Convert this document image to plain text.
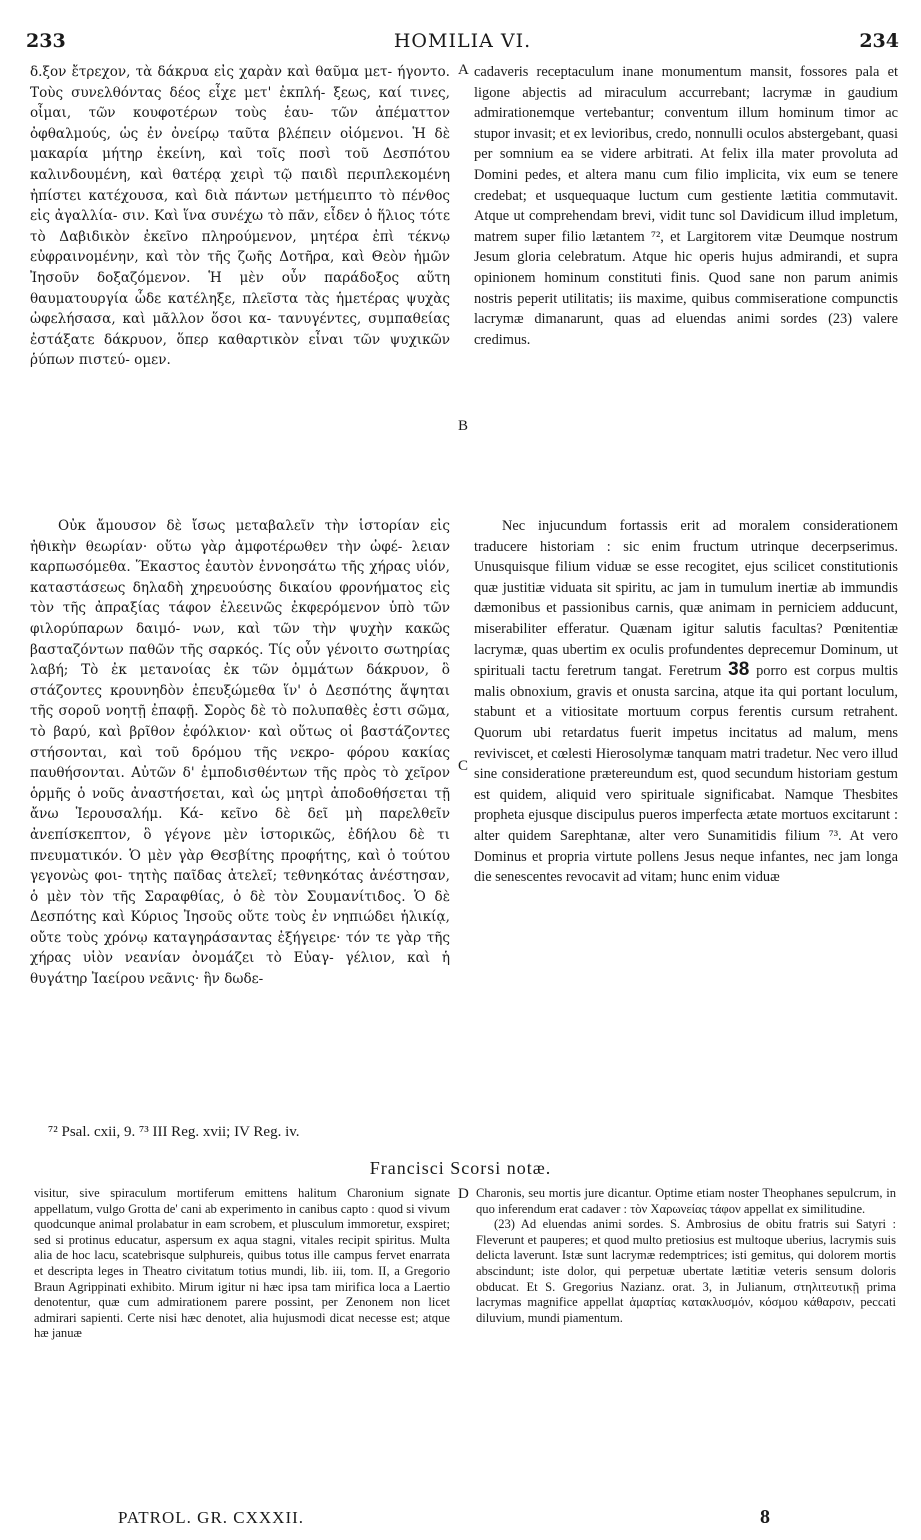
233	HOMILIA VI.	234
δ.ξον ἔτρεχον, τὰ δάκρυα εἰς χαρὰν καὶ θαῦμα μετ- ήγοντο. Τοὺς συνελθόντας δέος εἶχε μετ' ἐκπλή- ξεως, καί τινες, οἶμαι, τῶν κουφοτέρων τοὺς ἑαυ- τῶν ἀπέματτον ὀφθαλμούς, ὡς ἐν ὀνείρῳ ταῦτα βλέπειν οἰόμενοι. Ἡ δὲ μακαρία μήτηρ ἐκείνη, καὶ τοῖς ποσὶ τοῦ Δεσπότου καλινδουμένη, καὶ θατέρᾳ χειρὶ τῷ παιδὶ περιπλεκομένη ἠπίστει κατέχουσα, καὶ διὰ πάντων μετήμειπτο τὸ πένθος εἰς ἀγαλλία- σιν. Καὶ ἵνα συνέχω τὸ πᾶν, εἶδεν ὁ ἥλιος τότε τὸ Δαβιδικὸν ἐκεῖνο πληρούμενον, μητέρα ἐπὶ τέκνῳ εὐφραινομένην, καὶ τὸν τῆς ζωῆς Δοτῆρα, καὶ Θεὸν ἡμῶν Ἰησοῦν δοξαζόμενον. Ἡ μὲν οὖν παράδοξος αὕτη θαυματουργία ὧδε κατέληξε, πλεῖστα τὰς ἡμετέρας ψυχὰς ὠφελήσασα, καὶ μᾶλλον ὅσοι κα- τανυγέντες, συμπαθείας ἐστάξατε δάκρυον, ὅπερ καθαρτικὸν εἶναι τῶν ψυχικῶν ῥύπων πιστεύ- ομεν.
cadaveris receptaculum inane monumentum mansit, fossores pala et ligone abjectis ad miraculum accurrebant; lacrymæ in gaudium admirationemque vertebantur; conventum illum hominum timor ac stupor invasit; et ex levioribus, credo, nonnulli oculos abstergebant, quasi per somnium ea se videre arbitrati. At felix illa mater provoluta ad Domini pedes, et altera manu cum filio implicita, vix eum se tenere credebat; et usquequaque luctum cum gestiente lætitia commutavit. Atque ut comprehendam brevi, vidit tunc sol Davidicum illud impletum, matrem super filio lætantem ⁷², et Largitorem vitæ Deumque nostrum Jesum gloria celebratum. Atque hic operis hujus admirandi, et supra opinionem hominum constituti finis. Quod sane non parum animis nostris peperit utilitatis; iis maxime, quibus commiseratione compunctis lacrymæ dimanarunt, quas ad eluendas animi sordes (23) valere credimus.
A
B
C
D
Οὐκ ἄμουσον δὲ ἴσως μεταβαλεῖν τὴν ἱστορίαν εἰς ἠθικὴν θεωρίαν· οὕτω γὰρ ἀμφοτέρωθεν τὴν ὠφέ- λειαν καρπωσόμεθα. Ἕκαστος ἑαυτὸν ἐννοησάτω τῆς χήρας υἱόν, καταστάσεως δηλαδὴ χηρευούσης δικαίου φρονήματος εἰς τὸν τῆς ἀπραξίας τάφον ἐλεεινῶς ἐκφερόμενον ὑπὸ τῶν φιλορύπαρων δαιμό- νων, καὶ τῶν τὴν ψυχὴν κακῶς βασταζόντων παθῶν τῆς σαρκός. Τίς οὖν γένοιτο σωτηρίας λαβή; Τὸ ἐκ μετανοίας ἐκ τῶν ὀμμάτων δάκρυον, ὃ στάζοντες κρουνηδὸν ἐπευξώμεθα ἵν' ὁ Δεσπότης ἅψηται τῆς σοροῦ νοητῇ ἐπαφῇ. Σορὸς δὲ τὸ πολυπαθὲς ἐστι σῶμα, τὸ βαρύ, καὶ βρῖθον ἐφόλκιον· καὶ οὕτως οἱ βαστάζοντες στήσονται, καὶ τοῦ δρόμου τῆς νεκρο- φόρου κακίας παυθήσονται. Αὐτῶν δ' ἐμποδισθέντων τῆς πρὸς τὸ χεῖρον ὁρμῆς ὁ νοῦς ἀναστήσεται, καὶ ὡς μητρὶ ἀποδοθήσεται τῇ ἄνω Ἱερουσαλήμ. Κά- κεῖνο δὲ δεῖ μὴ παρελθεῖν ἀνεπίσκεπτον, ὃ γέγονε μὲν ἱστορικῶς, ἐδήλου δὲ τι πνευματικόν. Ὁ μὲν γὰρ Θεσβίτης προφήτης, καὶ ὁ τούτου γεγονὼς φοι- τητὴς παῖδας ἀτελεῖ; τεθνηκότας ἀνέστησαν, ὁ μὲν τὸν τῆς Σαραφθίας, ὁ δὲ τὸν Σουμανίτιδος. Ὁ δὲ Δεσπότης καὶ Κύριος Ἰησοῦς οὔτε τοὺς ἐν νηπιώδει ἡλικίᾳ, οὔτε τοὺς χρόνῳ καταγηράσαντας ἐξήγειρε· τόν τε γὰρ τῆς χήρας υἱὸν νεανίαν ὀνομάζει τὸ Εὐαγ- γέλιον, καὶ ἡ θυγάτηρ Ἰαείρου νεᾶνις· ἣν δωδε-
Nec injucundum fortassis erit ad moralem considerationem traducere historiam : sic enim fructum utrinque decerpserimus. Unusquisque filium viduæ se esse recogitet, ejus scilicet constitutionis quæ justitiæ viduata sit spiritu, ac jam in tumulum inertiæ ab immundis dæmonibus et passionibus carnis, quæ animam in perniciem adducunt, miserabiliter efferatur. Quænam igitur salutis facultas? Pœnitentiæ lacrymæ, quas ubertim ex oculis profundentes deprecemur Dominum, ut spirituali tactu feretrum tangat. Feretrum 38 porro est corpus multis malis obnoxium, gravis et onusta sarcina, atque ita qui portant loculum, stabunt et a vitiositate mortuum corpus ferentis cursum retrahent. Quorum ubi retardatus fuerit impetus incitatus ad malum, mens reviviscet, et cœlesti Hierosolymæ tanquam matri tradetur. Nec vero illud sine consideratione prætereundum est, quod secundum historiam gestum est quidem, aliquid vero spirituale significabat. Namque Thesbites propheta ejusque discipulus pueros imperfecta ætate mortuos excitarunt : alter quidem Sarephtanæ, alter vero Sunamitidis filium ⁷³. At vero Dominus et propria virtute pollens Jesus neque infantes, nec jam longa die senescentes revocavit ad vitam; hunc enim viduæ
⁷² Psal. cxii, 9. ⁷³ III Reg. xvii; IV Reg. iv.
Francisci Scorsi notæ.

visitur, sive spiraculum mortiferum emittens halitum Charonium signate appellatum, vulgo Grotta de' cani ab experimento in canibus capto : quod si vivum quodcunque animal prolabatur in eam scrobem, et plusculum immoretur, exspiret; sed si protinus educatur, aspersum ex aqua stagni, vitales recipit spiritus. Multa alia de hoc lacu, scatebrisque sulphureis, quibus totus ille campus fervet enarrata et descripta leges in Theatro civitatum totius mundi, lib. iii, tom. II, a Gregorio Braun Agrippinati exhibito. Mirum igitur ni hæc ipsa tam mirifica loca a Laertio denotentur, quæ cum admirationem parere possint, per Zenonem non licet admirari sapienti. Certe nisi hæc denotet, alia hujusmodi dicat necesse est; atque hæ januæ

Charonis, seu mortis jure dicantur. Optime etiam noster Theophanes sepulcrum, in quo inferendum erat cadaver : τὸν Χαρωνείας τάφον appellat ex similitudine.

(23) Ad eluendas animi sordes. S. Ambrosius de obitu fratris sui Satyri : Fleverunt et pauperes; et quod multo pretiosius est multoque uberius, lacrymis suis delicta laverunt. Istæ sunt lacrymæ redemptrices; isti gemitus, qui dolorem mortis abscindunt; iste dolor, qui perpetuæ ubertate lætitiæ veteris sensum doloris obducat. Et S. Gregorius Nazianz. orat. 3, in Julianum, στηλιτευτικῇ prima lacrymas magnifice appellat ἁμαρτίας κατακλυσμόν, κόσμου κάθαρσιν, peccati diluvium, mundi piamentum.

PATROL. GR. CXXXII.	8
